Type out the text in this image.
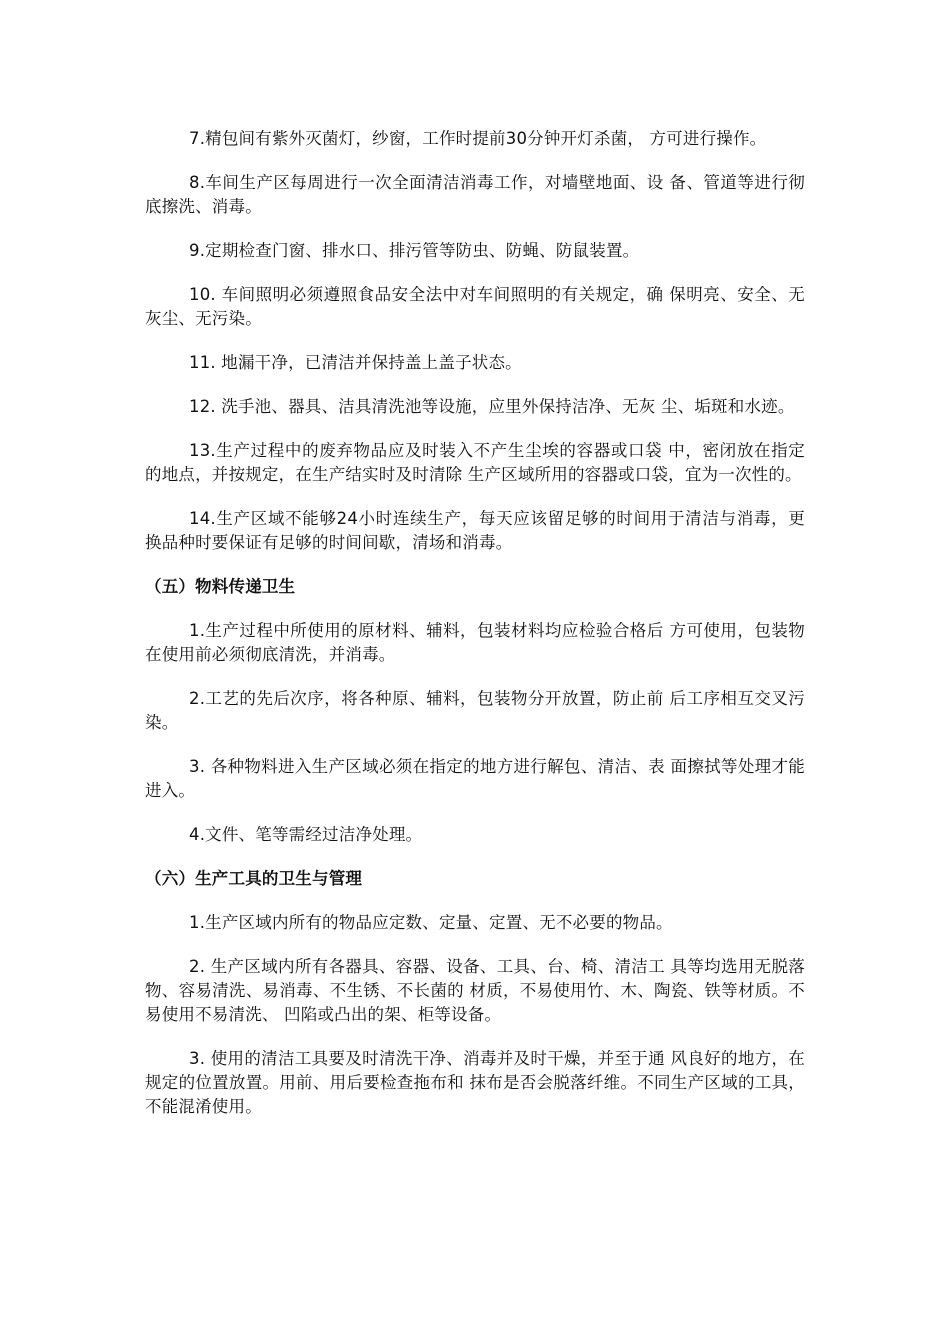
7.精包间有紫外灭菌灯，纱窗，工作时提前30分钟开灯杀菌， 方可进行操作。

8.车间生产区每周进行一次全面清洁消毒工作，对墙壁地面、设 备、管道等进行彻底擦洗、消毒。

9.定期检查门窗、排水口、排污管等防虫、防蝇、防鼠装置。

10. 车间照明必须遵照食品安全法中对车间照明的有关规定，确 保明亮、安全、无灰尘、无污染。

11. 地漏干净，已清洁并保持盖上盖子状态。

12. 洗手池、器具、洁具清洗池等设施，应里外保持洁净、无灰 尘、垢斑和水迹。

13.生产过程中的废弃物品应及时装入不产生尘埃的容器或口袋 中，密闭放在指定的地点，并按规定，在生产结实时及时清除 生产区域所用的容器或口袋，宜为一次性的。

14.生产区域不能够24小时连续生产，每天应该留足够的时间用于清洁与消毒，更换品种时要保证有足够的时间间歇，清场和消毒。

（五）物料传递卫生

1.生产过程中所使用的原材料、辅料，包装材料均应检验合格后 方可使用，包装物在使用前必须彻底清洗，并消毒。

2.工艺的先后次序，将各种原、辅料，包装物分开放置，防止前 后工序相互交叉污染。

3. 各种物料进入生产区域必须在指定的地方进行解包、清洁、表 面擦拭等处理才能进入。

4.文件、笔等需经过洁净处理。

（六）生产工具的卫生与管理

1.生产区域内所有的物品应定数、定量、定置、无不必要的物品。

2. 生产区域内所有各器具、容器、设备、工具、台、椅、清洁工 具等均选用无脱落物、容易清洗、易消毒、不生锈、不长菌的 材质，不易使用竹、木、陶瓷、铁等材质。不易使用不易清洗、 凹陷或凸出的架、柜等设备。

3. 使用的清洁工具要及时清洗干净、消毒并及时干燥，并至于通 风良好的地方，在规定的位置放置。用前、用后要检查拖布和 抹布是否会脱落纤维。不同生产区域的工具，不能混淆使用。
